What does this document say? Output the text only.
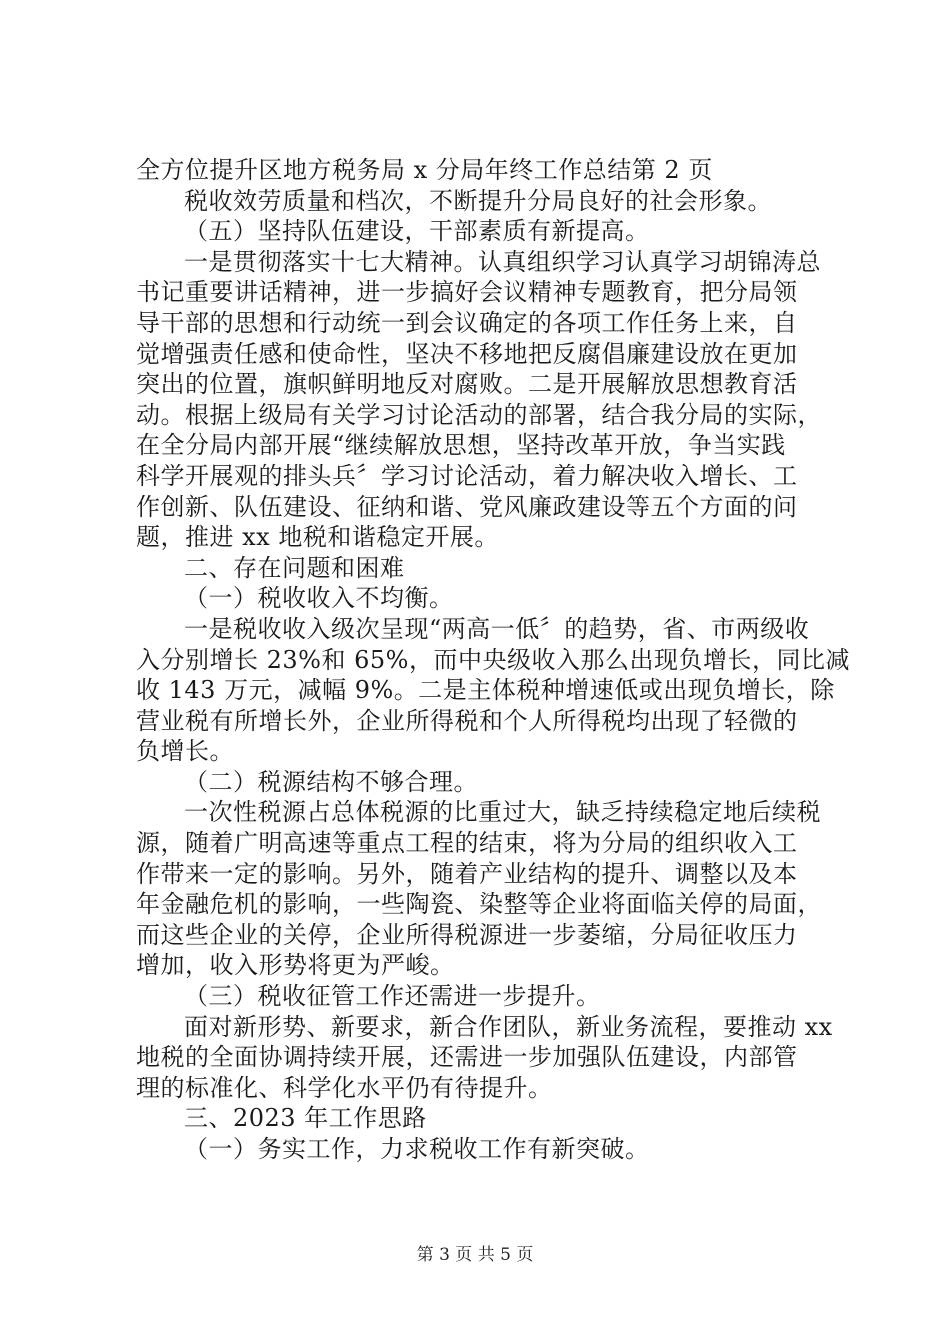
全方位提升区地方税务局 x 分局年终工作总结第 2 页
税收效劳质量和档次，不断提升分局良好的社会形象。
（五）坚持队伍建设，干部素质有新提高。
一是贯彻落实十七大精神。认真组织学习认真学习胡锦涛总
书记重要讲话精神，进一步搞好会议精神专题教育，把分局领
导干部的思想和行动统一到会议确定的各项工作任务上来，自
觉增强责任感和使命性，坚决不移地把反腐倡廉建设放在更加
突出的位置，旗帜鲜明地反对腐败。二是开展解放思想教育活
动。根据上级局有关学习讨论活动的部署，结合我分局的实际，
在全分局内部开展“继续解放思想，坚持改革开放，争当实践
科学开展观的排头兵〞学习讨论活动，着力解决收入增长、工
作创新、队伍建设、征纳和谐、党风廉政建设等五个方面的问
题，推进 xx 地税和谐稳定开展。
二、存在问题和困难
（一）税收收入不均衡。
一是税收收入级次呈现“两高一低〞的趋势，省、市两级收
入分别增长 23%和 65%，而中央级收入那么出现负增长，同比减
收 143 万元，减幅 9%。二是主体税种增速低或出现负增长，除
营业税有所增长外，企业所得税和个人所得税均出现了轻微的
负增长。
（二）税源结构不够合理。
一次性税源占总体税源的比重过大，缺乏持续稳定地后续税
源，随着广明高速等重点工程的结束，将为分局的组织收入工
作带来一定的影响。另外，随着产业结构的提升、调整以及本
年金融危机的影响，一些陶瓷、染整等企业将面临关停的局面，
而这些企业的关停，企业所得税源进一步萎缩，分局征收压力
增加，收入形势将更为严峻。
（三）税收征管工作还需进一步提升。
面对新形势、新要求，新合作团队，新业务流程，要推动 xx
地税的全面协调持续开展，还需进一步加强队伍建设，内部管
理的标准化、科学化水平仍有待提升。
三、2023 年工作思路
（一）务实工作，力求税收工作有新突破。
第 3 页 共 5 页
